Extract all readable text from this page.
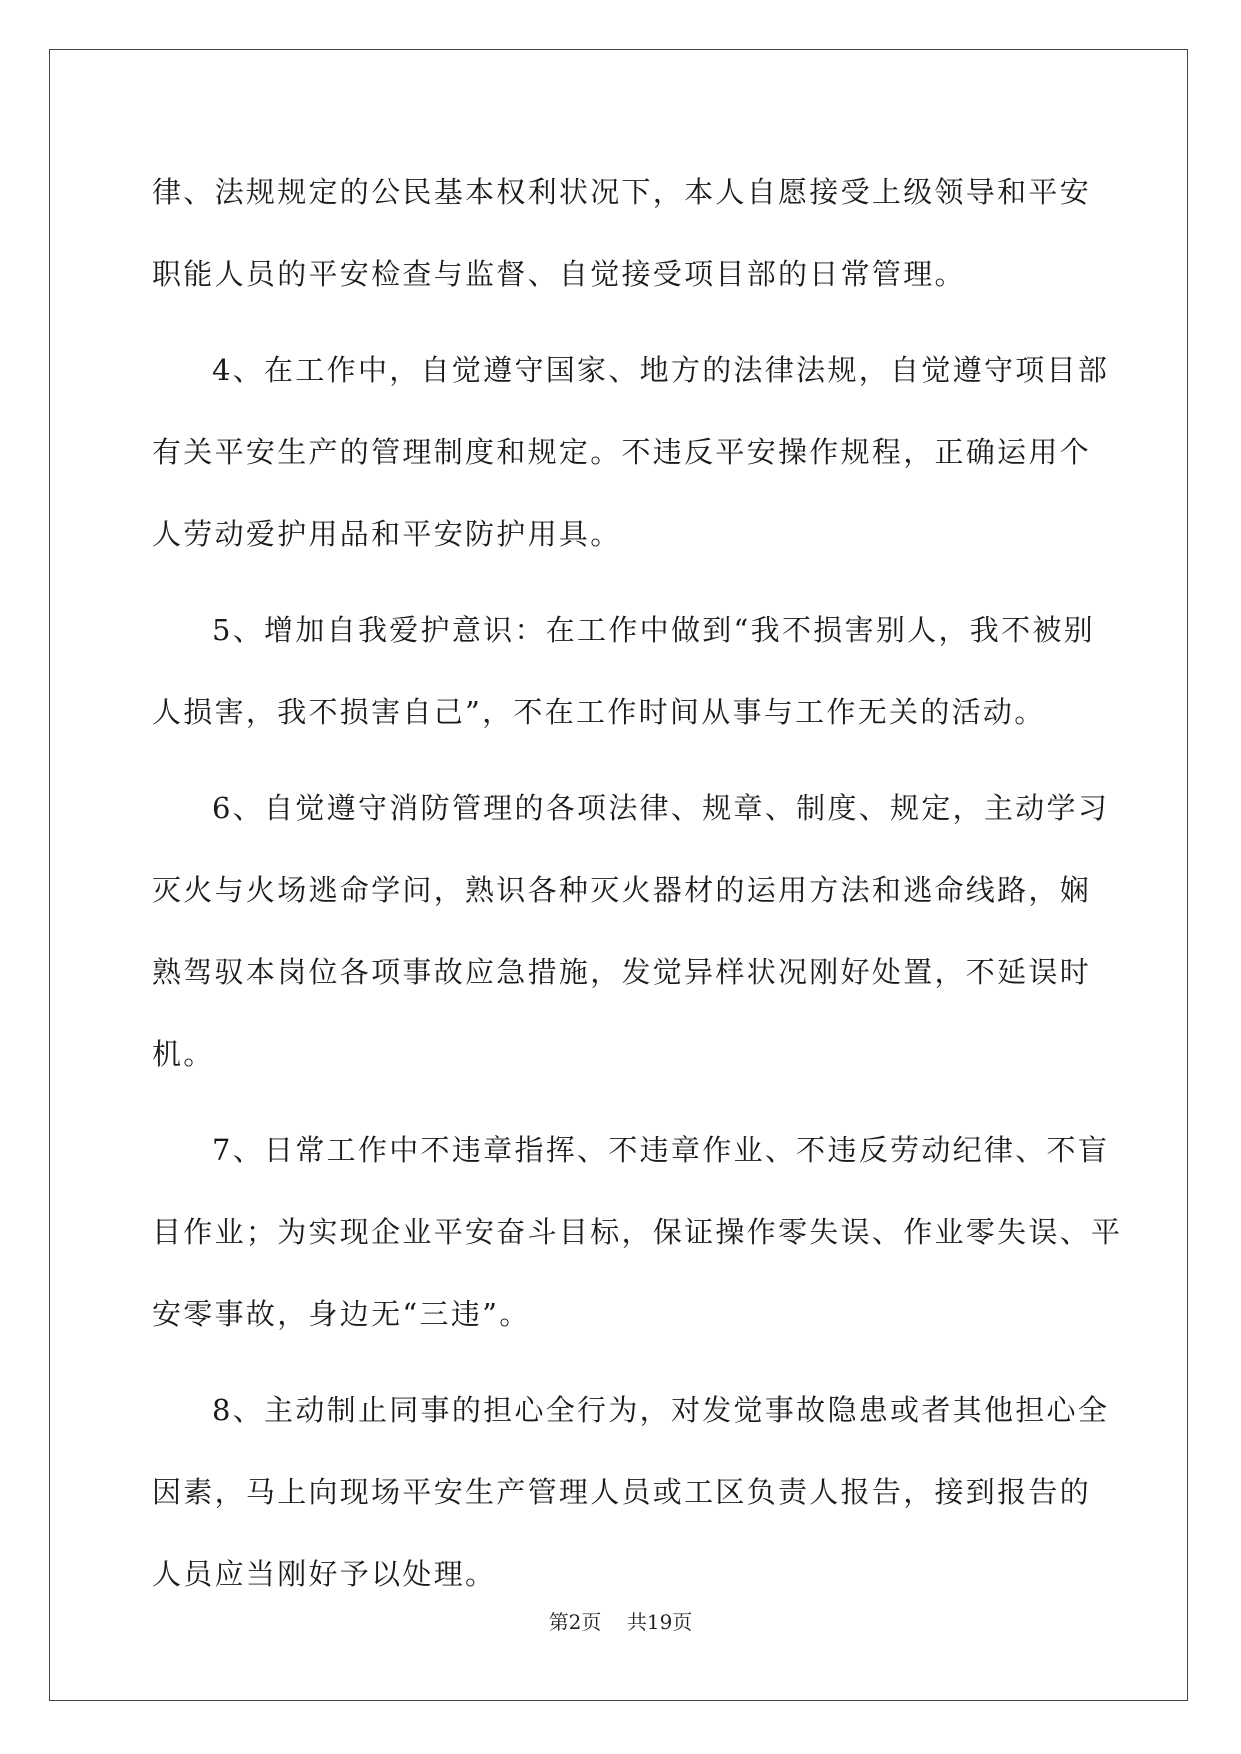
律、法规规定的公民基本权利状况下，本人自愿接受上级领导和平安
职能人员的平安检查与监督、自觉接受项目部的日常管理。
4、在工作中，自觉遵守国家、地方的法律法规，自觉遵守项目部
有关平安生产的管理制度和规定。不违反平安操作规程，正确运用个
人劳动爱护用品和平安防护用具。
5、增加自我爱护意识：在工作中做到“我不损害别人，我不被别
人损害，我不损害自己”，不在工作时间从事与工作无关的活动。
6、自觉遵守消防管理的各项法律、规章、制度、规定，主动学习
灭火与火场逃命学问，熟识各种灭火器材的运用方法和逃命线路，娴
熟驾驭本岗位各项事故应急措施，发觉异样状况刚好处置，不延误时
机。
7、日常工作中不违章指挥、不违章作业、不违反劳动纪律、不盲
目作业；为实现企业平安奋斗目标，保证操作零失误、作业零失误、平
安零事故，身边无“三违”。
8、主动制止同事的担心全行为，对发觉事故隐患或者其他担心全
因素，马上向现场平安生产管理人员或工区负责人报告，接到报告的
人员应当刚好予以处理。
第2页 共19页
